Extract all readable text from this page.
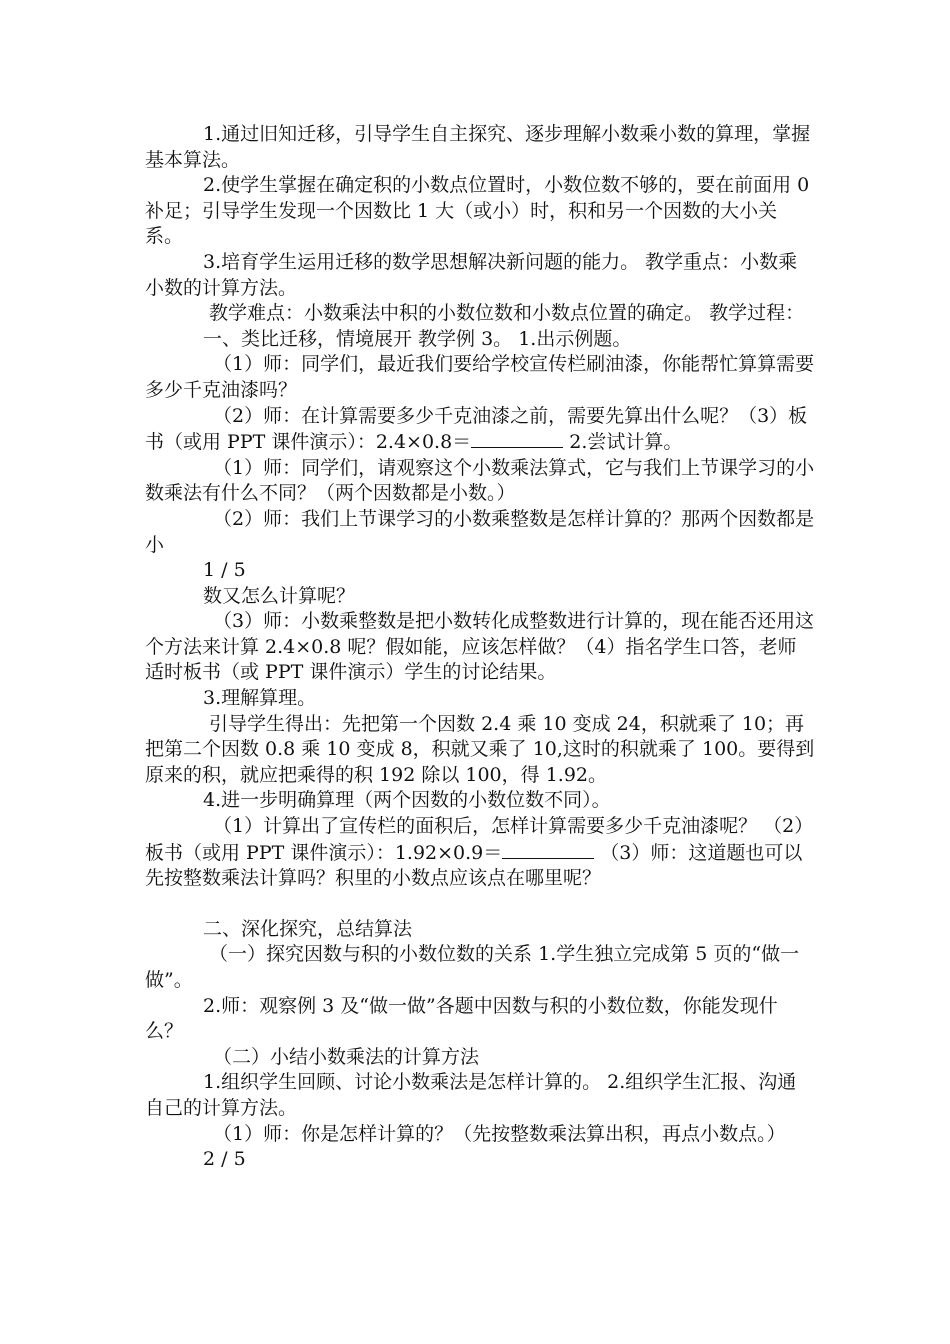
1.通过旧知迁移，引导学生自主探究、逐步理解小数乘小数的算理，掌握基本算法。

2.使学生掌握在确定积的小数点位置时，小数位数不够的，要在前面用 0 补足；引导学生发现一个因数比 1 大（或小）时，积和另一个因数的大小关系。

3.培育学生运用迁移的数学思想解决新问题的能力。 教学重点：小数乘小数的计算方法。

教学难点：小数乘法中积的小数位数和小数点位置的确定。 教学过程：

一、类比迁移，情境展开 教学例 3。 1.出示例题。

（1）师：同学们，最近我们要给学校宣传栏刷油漆，你能帮忙算算需要多少千克油漆吗？

（2）师：在计算需要多少千克油漆之前，需要先算出什么呢？（3）板书（或用 PPT 课件演示）：2.4×0.8＝	2.尝试计算。

（1）师：同学们，请观察这个小数乘法算式，它与我们上节课学习的小数乘法有什么不同？（两个因数都是小数。）

（2）师：我们上节课学习的小数乘整数是怎样计算的？那两个因数都是小

1 / 5

数又怎么计算呢？

（3）师：小数乘整数是把小数转化成整数进行计算的，现在能否还用这个方法来计算 2.4×0.8 呢？假如能，应该怎样做？（4）指名学生口答，老师适时板书（或 PPT 课件演示）学生的讨论结果。

3.理解算理。

引导学生得出：先把第一个因数 2.4 乘 10 变成 24，积就乘了 10；再把第二个因数 0.8 乘 10 变成 8，积就又乘了 10,这时的积就乘了 100。要得到原来的积，就应把乘得的积 192 除以 100，得 1.92。

4.进一步明确算理（两个因数的小数位数不同）。

（1）计算出了宣传栏的面积后，怎样计算需要多少千克油漆呢？ （2）板书（或用 PPT 课件演示）：1.92×0.9＝	（3）师：这道题也可以先按整数乘法计算吗？积里的小数点应该点在哪里呢？

二、深化探究，总结算法

（一）探究因数与积的小数位数的关系 1.学生独立完成第 5 页的“做一做”。

2.师：观察例 3 及“做一做”各题中因数与积的小数位数，你能发现什么？

（二）小结小数乘法的计算方法

1.组织学生回顾、讨论小数乘法是怎样计算的。 2.组织学生汇报、沟通自己的计算方法。

（1）师：你是怎样计算的？（先按整数乘法算出积，再点小数点。）

2 / 5
